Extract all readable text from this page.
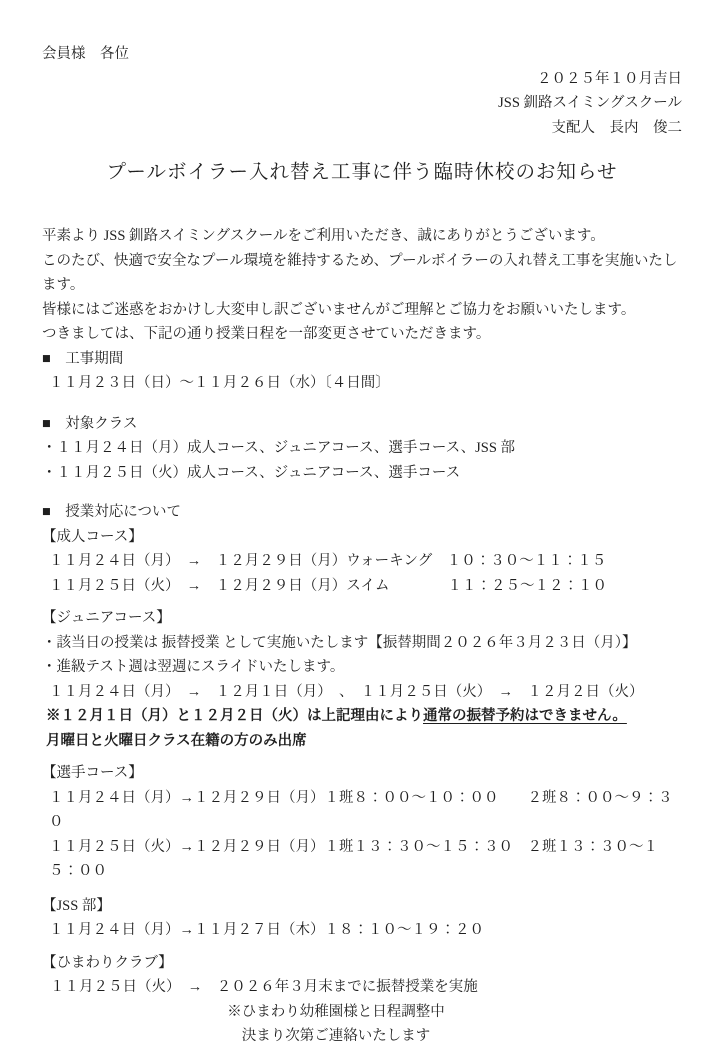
会員様　各位

２０２５年１０月吉日

JSS 釧路スイミングスクール

支配人　長内　俊二

プールボイラー入れ替え工事に伴う臨時休校のお知らせ

平素より JSS 釧路スイミングスクールをご利用いただき、誠にありがとうございます。

このたび、快適で安全なプール環境を維持するため、プールボイラーの入れ替え工事を実施いたします。

皆様にはご迷惑をおかけし大変申し訳ございませんがご理解とご協力をお願いいたします。

つきましては、下記の通り授業日程を一部変更させていただきます。

■　工事期間

１１月２３日（日）～１１月２６日（水）〔４日間〕

■　対象クラス

・１１月２４日（月）成人コース、ジュニアコース、選手コース、JSS 部

・１１月２５日（火）成人コース、ジュニアコース、選手コース

■　授業対応について

【成人コース】

１１月２４日（月）　→　１２月２９日（月）ウォーキング　１０：３０～１１：１５

１１月２５日（火）　→　１２月２９日（月）スイム　　　　１１：２５～１２：１０

【ジュニアコース】

・該当日の授業は 振替授業 として実施いたします【振替期間２０２６年３月２３日（月）】

・進級テスト週は翌週にスライドいたします。

１１月２４日（月）　→　１２月１日（月）　、　１１月２５日（火）　→　１２月２日（火）

※１２月１日（月）と１２月２日（火）は上記理由により通常の振替予約はできません。

月曜日と火曜日クラス在籍の方のみ出席

【選手コース】

１１月２４日（月）→１２月２９日（月）１班８：００～１０：００　　２班８：００～９：３０

１１月２５日（火）→１２月２９日（月）１班１３：３０～１５：３０　２班１３：３０～１５：００

【JSS 部】

１１月２４日（月）→１１月２７日（木）１８：１０～１９：２０

【ひまわりクラブ】

１１月２５日（火）　→　２０２６年３月末までに振替授業を実施

※ひまわり幼稚園様と日程調整中

決まり次第ご連絡いたします
